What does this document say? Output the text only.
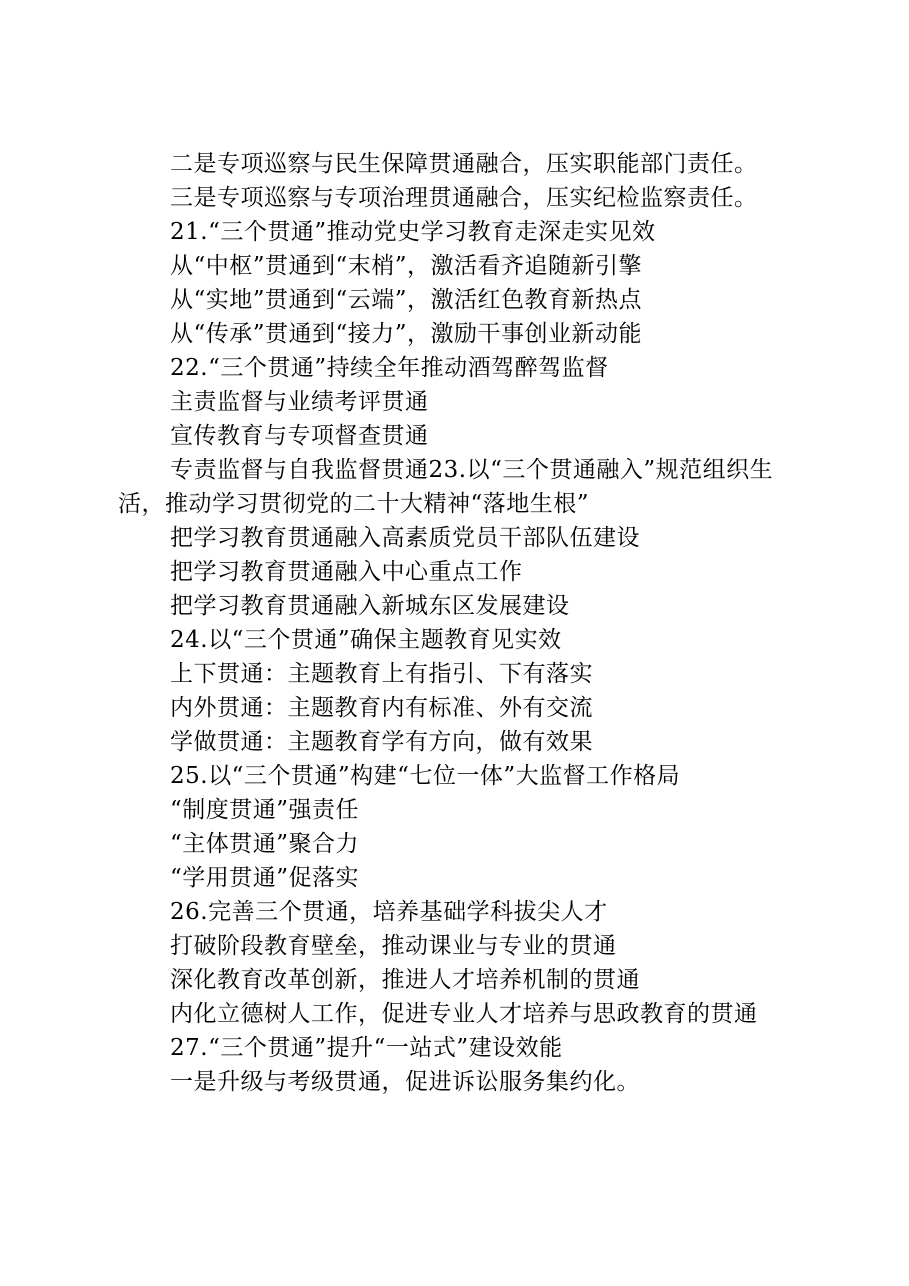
二是专项巡察与民生保障贯通融合，压实职能部门责任。
三是专项巡察与专项治理贯通融合，压实纪检监察责任。
21.“三个贯通”推动党史学习教育走深走实见效
从“中枢”贯通到“末梢”，激活看齐追随新引擎
从“实地”贯通到“云端”，激活红色教育新热点
从“传承”贯通到“接力”，激励干事创业新动能
22.“三个贯通”持续全年推动酒驾醉驾监督
主责监督与业绩考评贯通
宣传教育与专项督查贯通
专责监督与自我监督贯通23.以“三个贯通融入”规范组织生活，推动学习贯彻党的二十大精神“落地生根”
把学习教育贯通融入高素质党员干部队伍建设
把学习教育贯通融入中心重点工作
把学习教育贯通融入新城东区发展建设
24.以“三个贯通”确保主题教育见实效
上下贯通：主题教育上有指引、下有落实
内外贯通：主题教育内有标准、外有交流
学做贯通：主题教育学有方向，做有效果
25.以“三个贯通”构建“七位一体”大监督工作格局
“制度贯通”强责任
“主体贯通”聚合力
“学用贯通”促落实
26.完善三个贯通，培养基础学科拔尖人才
打破阶段教育壁垒，推动课业与专业的贯通
深化教育改革创新，推进人才培养机制的贯通
内化立德树人工作，促进专业人才培养与思政教育的贯通
27.“三个贯通”提升“一站式”建设效能
一是升级与考级贯通，促进诉讼服务集约化。
